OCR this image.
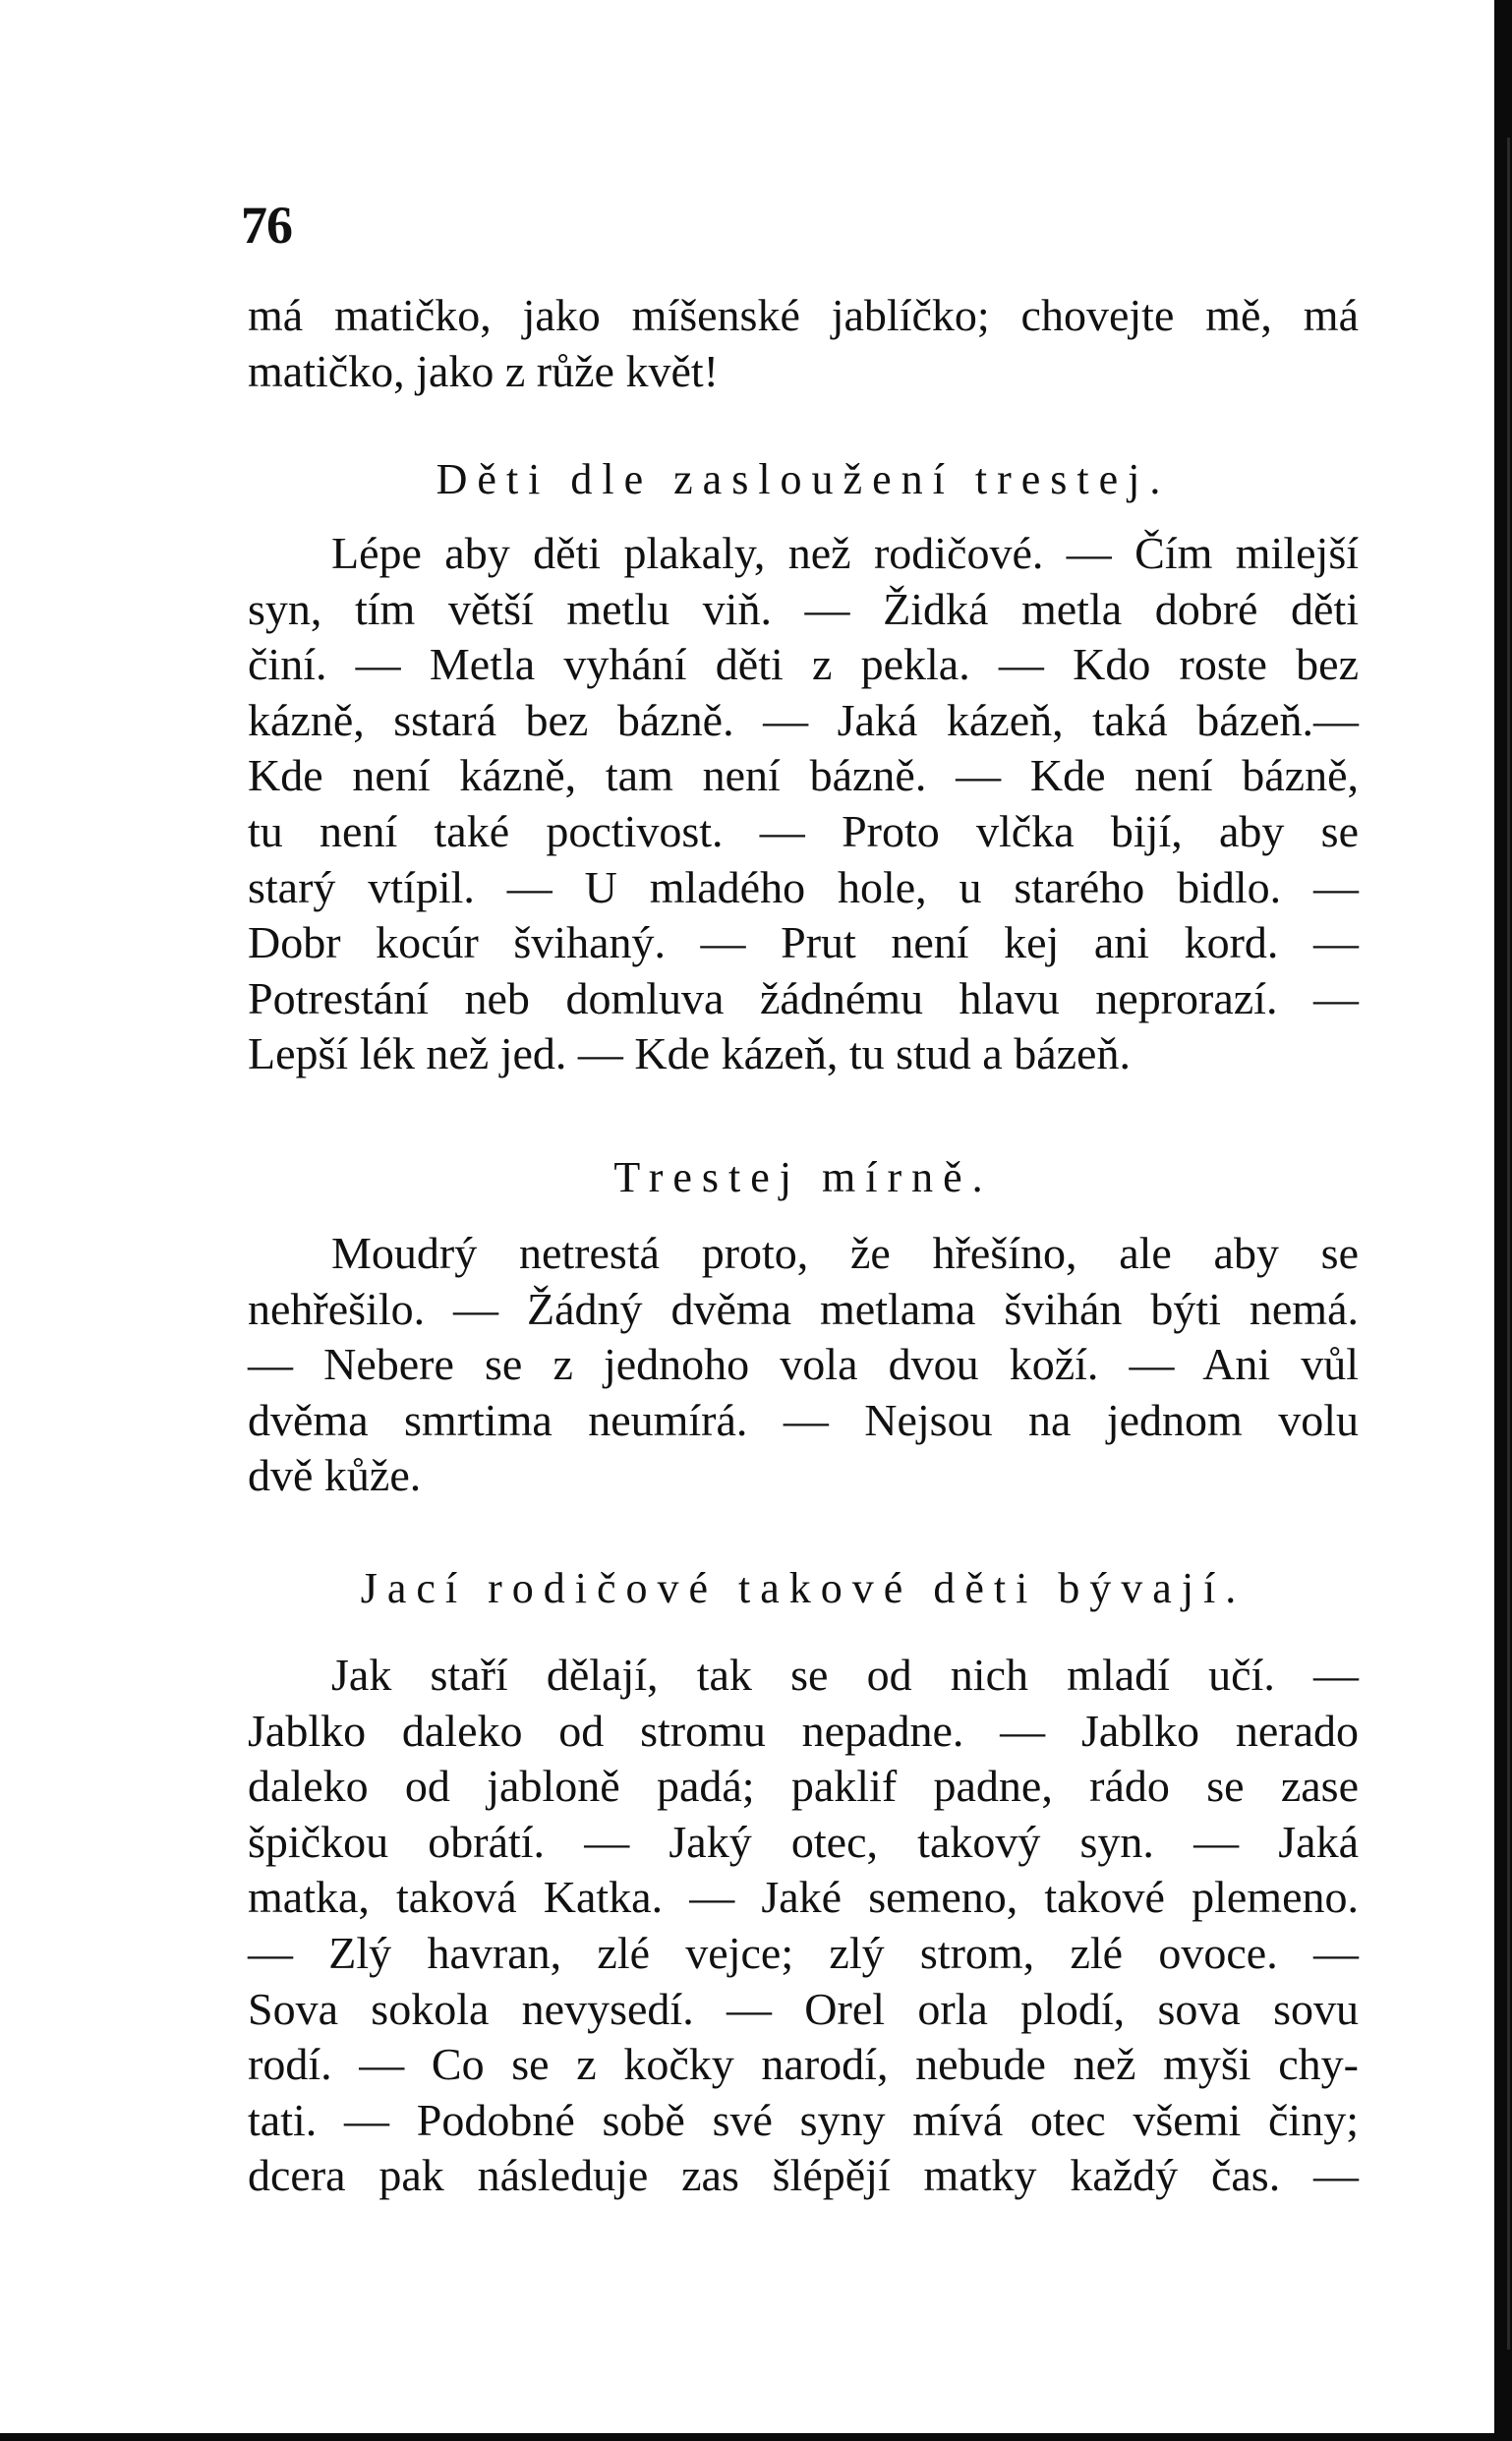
76
má matičko, jako míšenské jablíčko; chovejte mě, má
matičko, jako z růže květ!
Děti dle zasloužení trestej.
Lépe aby děti plakaly, než rodičové. — Čím milejší
syn, tím větší metlu viň. — Židká metla dobré děti
činí. — Metla vyhání děti z pekla. — Kdo roste bez
kázně, sstará bez bázně. — Jaká kázeň, taká bázeň.—
Kde není kázně, tam není bázně. — Kde není bázně,
tu není také poctivost. — Proto vlčka bijí, aby se
starý vtípil. — U mladého hole, u starého bidlo. —
Dobr kocúr švihaný. — Prut není kej ani kord. —
Potrestání neb domluva žádnému hlavu neprorazí. —
Lepší lék než jed. — Kde kázeň, tu stud a bázeň.
Trestej mírně.
Moudrý netrestá proto, že hřešíno, ale aby se
nehřešilo. — Žádný dvěma metlama švihán býti nemá.
— Nebere se z jednoho vola dvou koží. — Ani vůl
dvěma smrtima neumírá. — Nejsou na jednom volu
dvě kůže.
Jací rodičové takové děti bývají.
Jak staří dělají, tak se od nich mladí učí. —
Jablko daleko od stromu nepadne. — Jablko nerado
daleko od jabloně padá; paklif padne, rádo se zase
špičkou obrátí. — Jaký otec, takový syn. — Jaká
matka, taková Katka. — Jaké semeno, takové plemeno.
— Zlý havran, zlé vejce; zlý strom, zlé ovoce. —
Sova sokola nevysedí. — Orel orla plodí, sova sovu
rodí. — Co se z kočky narodí, nebude než myši chy-
tati. — Podobné sobě své syny mívá otec všemi činy;
dcera pak následuje zas šlépějí matky každý čas. —
